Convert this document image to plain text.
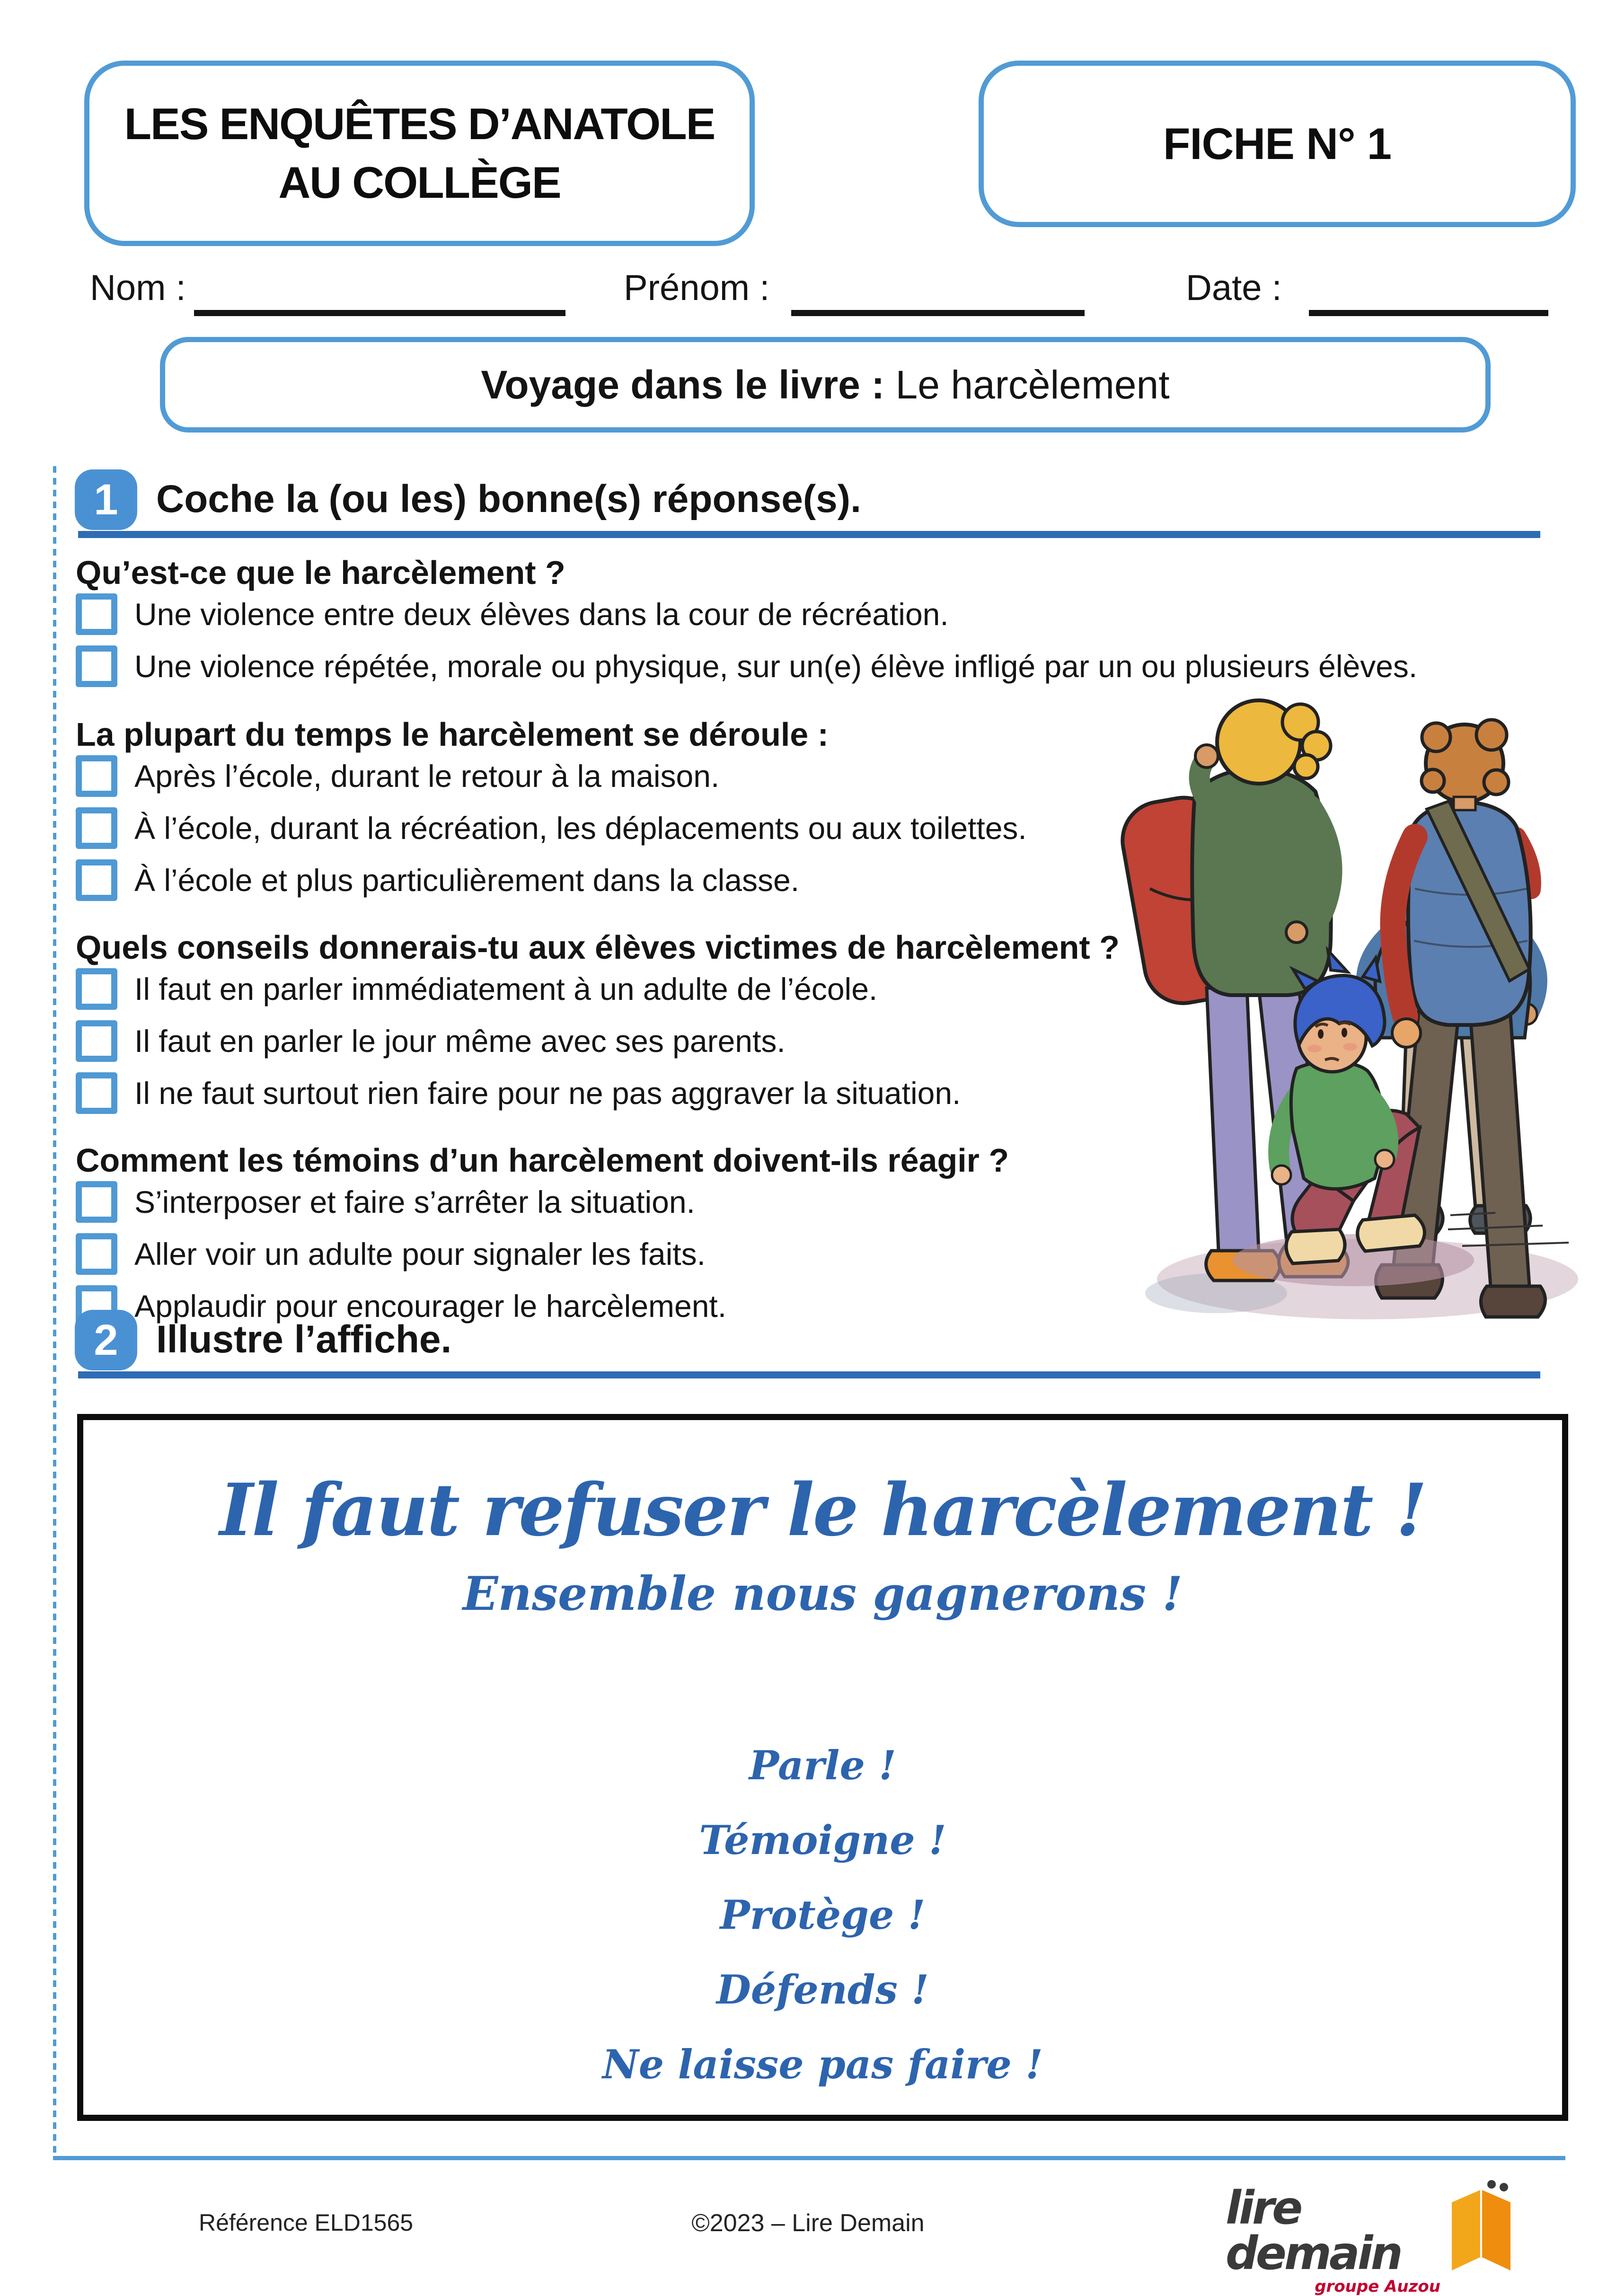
LES ENQUÊTES D’ANATOLE
AU COLLÈGE
FICHE N° 1
Nom :	Prénom :	Date :
Voyage dans le livre : Le harcèlement
1 Coche la (ou les) bonne(s) réponse(s).
Qu’est-ce que le harcèlement ?
Une violence entre deux élèves dans la cour de récréation.
Une violence répétée, morale ou physique, sur un(e) élève infligé par un ou plusieurs élèves.
La plupart du temps le harcèlement se déroule :
Après l’école, durant le retour à la maison.
À l’école, durant la récréation, les déplacements ou aux toilettes.
À l’école et plus particulièrement dans la classe.
Quels conseils donnerais-tu aux élèves victimes de harcèlement ?
Il faut en parler immédiatement à un adulte de l’école.
Il faut en parler le jour même avec ses parents.
Il ne faut surtout rien faire pour ne pas aggraver la situation.
Comment les témoins d’un harcèlement doivent-ils réagir ?
S’interposer et faire s’arrêter la situation.
Aller voir un adulte pour signaler les faits.
Applaudir pour encourager le harcèlement.
2 Illustre l’affiche.
Il faut refuser le harcèlement !
Ensemble nous gagnerons !
Parle !
Témoigne !
Protège !
Défends !
Ne laisse pas faire !
Référence ELD1565	©2023 – Lire Demain	lire demain
groupe Auzou
